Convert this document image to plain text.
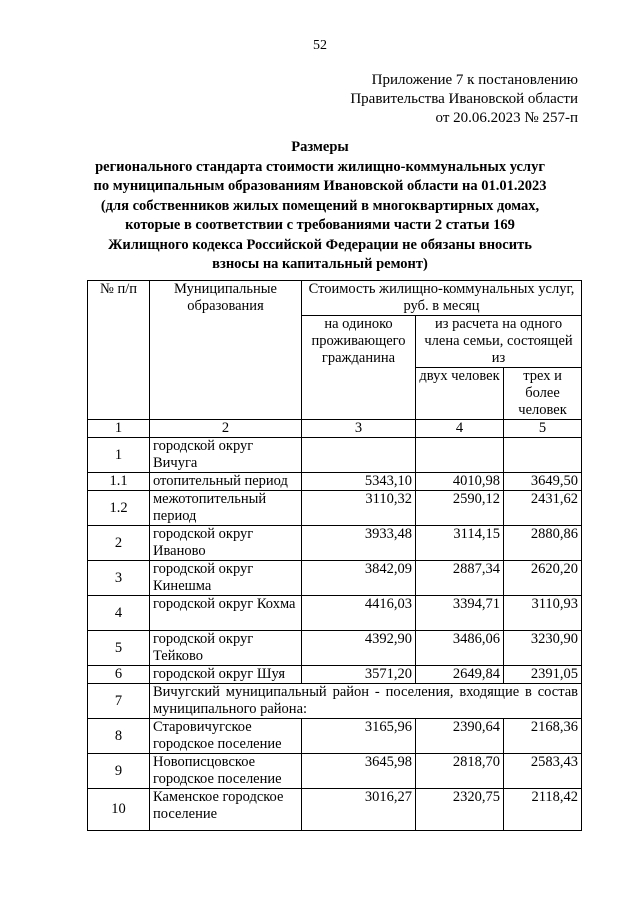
52
Приложение 7 к постановлению
Правительства Ивановской области
от 20.06.2023 № 257-п
Размеры
регионального стандарта стоимости жилищно-коммунальных услуг
по муниципальным образованиям Ивановской области на 01.01.2023
(для собственников жилых помещений в многоквартирных домах,
которые в соответствии с требованиями части 2 статьи 169
Жилищного кодекса Российской Федерации не обязаны вносить
взносы на капитальный ремонт)
№ п/п	Муниципальные образования	Стоимость жилищно-коммунальных услуг, руб. в месяц		
		на одиноко проживающего гражданина	из расчета на одного члена семьи, состоящей из	
			двух человек	трех и более человек
1	2	3	4	5
1	городской округ Вичуга			
1.1	отопительный период	5343,10	4010,98	3649,50
1.2	межотопительный период	3110,32	2590,12	2431,62
2	городской округ Иваново	3933,48	3114,15	2880,86
3	городской округ Кинешма	3842,09	2887,34	2620,20
4	городской округ Кохма	4416,03	3394,71	3110,93
5	городской округ Тейково	4392,90	3486,06	3230,90
6	городской округ Шуя	3571,20	2649,84	2391,05
7	Вичугский муниципальный район - поселения, входящие в состав муниципального района:			
8	Старовичугское городское поселение	3165,96	2390,64	2168,36
9	Новописцовское городское поселение	3645,98	2818,70	2583,43
10	Каменское городское поселение	3016,27	2320,75	2118,42
